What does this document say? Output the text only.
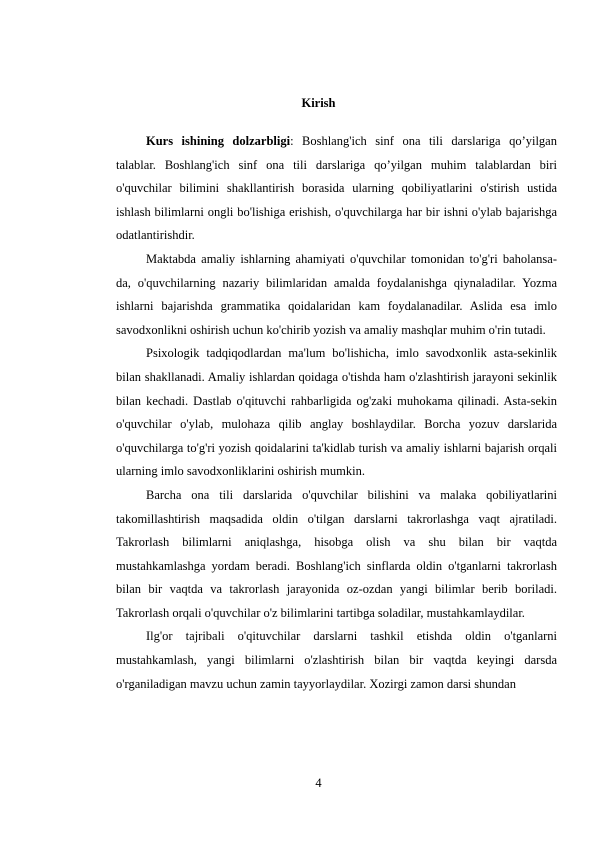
Kirish

Kurs ishining dolzarbligi: Boshlang'ich sinf ona tili darslariga qo’yilgan talablar. Boshlang'ich sinf ona tili darslariga qo’yilgan muhim talablardan biri o'quvchilar bilimini shakllantirish borasida ularning qobiliyatlarini o'stirish ustida ishlash bilimlarni ongli bo'lishiga erishish, o'quvchilarga har bir ishni o'ylab bajarishga odatlantirishdir.

Maktabda amaliy ishlarning ahamiyati o'quvchilar tomonidan to'g'ri baholansa-da, o'quvchilarning nazariy bilimlaridan amalda foydalanishga qiynaladilar. Yozma ishlarni bajarishda grammatika qoidalaridan kam foydalanadilar. Aslida esa imlo savodxonlikni oshirish uchun ko'chirib yozish va amaliy mashqlar muhim o'rin tutadi.

Psixologik tadqiqodlardan ma'lum bo'lishicha, imlo savodxonlik asta-sekinlik bilan shakllanadi. Amaliy ishlardan qoidaga o'tishda ham o'zlashtirish jarayoni sekinlik bilan kechadi. Dastlab o'qituvchi rahbarligida og'zaki muhokama qilinadi. Asta-sekin o'quvchilar o'ylab, mulohaza qilib anglay boshlaydilar. Borcha yozuv darslarida o'quvchilarga to'g'ri yozish qoidalarini ta'kidlab turish va amaliy ishlarni bajarish orqali ularning imlo savodxonliklarini oshirish mumkin.

Barcha ona tili darslarida o'quvchilar bilishini va malaka qobiliyatlarini takomillashtirish maqsadida oldin o'tilgan darslarni takrorlashga vaqt ajratiladi. Takrorlash bilimlarni aniqlashga, hisobga olish va shu bilan bir vaqtda mustahkamlashga yordam beradi. Boshlang'ich sinflarda oldin o'tganlarni takrorlash bilan bir vaqtda va takrorlash jarayonida oz-ozdan yangi bilimlar berib boriladi. Takrorlash orqali o'quvchilar o'z bilimlarini tartibga soladilar, mustahkamlaydilar.

Ilg'or tajribali o'qituvchilar darslarni tashkil etishda oldin o'tganlarni mustahkamlash, yangi bilimlarni o'zlashtirish bilan bir vaqtda keyingi darsda o'rganiladigan mavzu uchun zamin tayyorlaydilar. Xozirgi zamon darsi shundan

4
